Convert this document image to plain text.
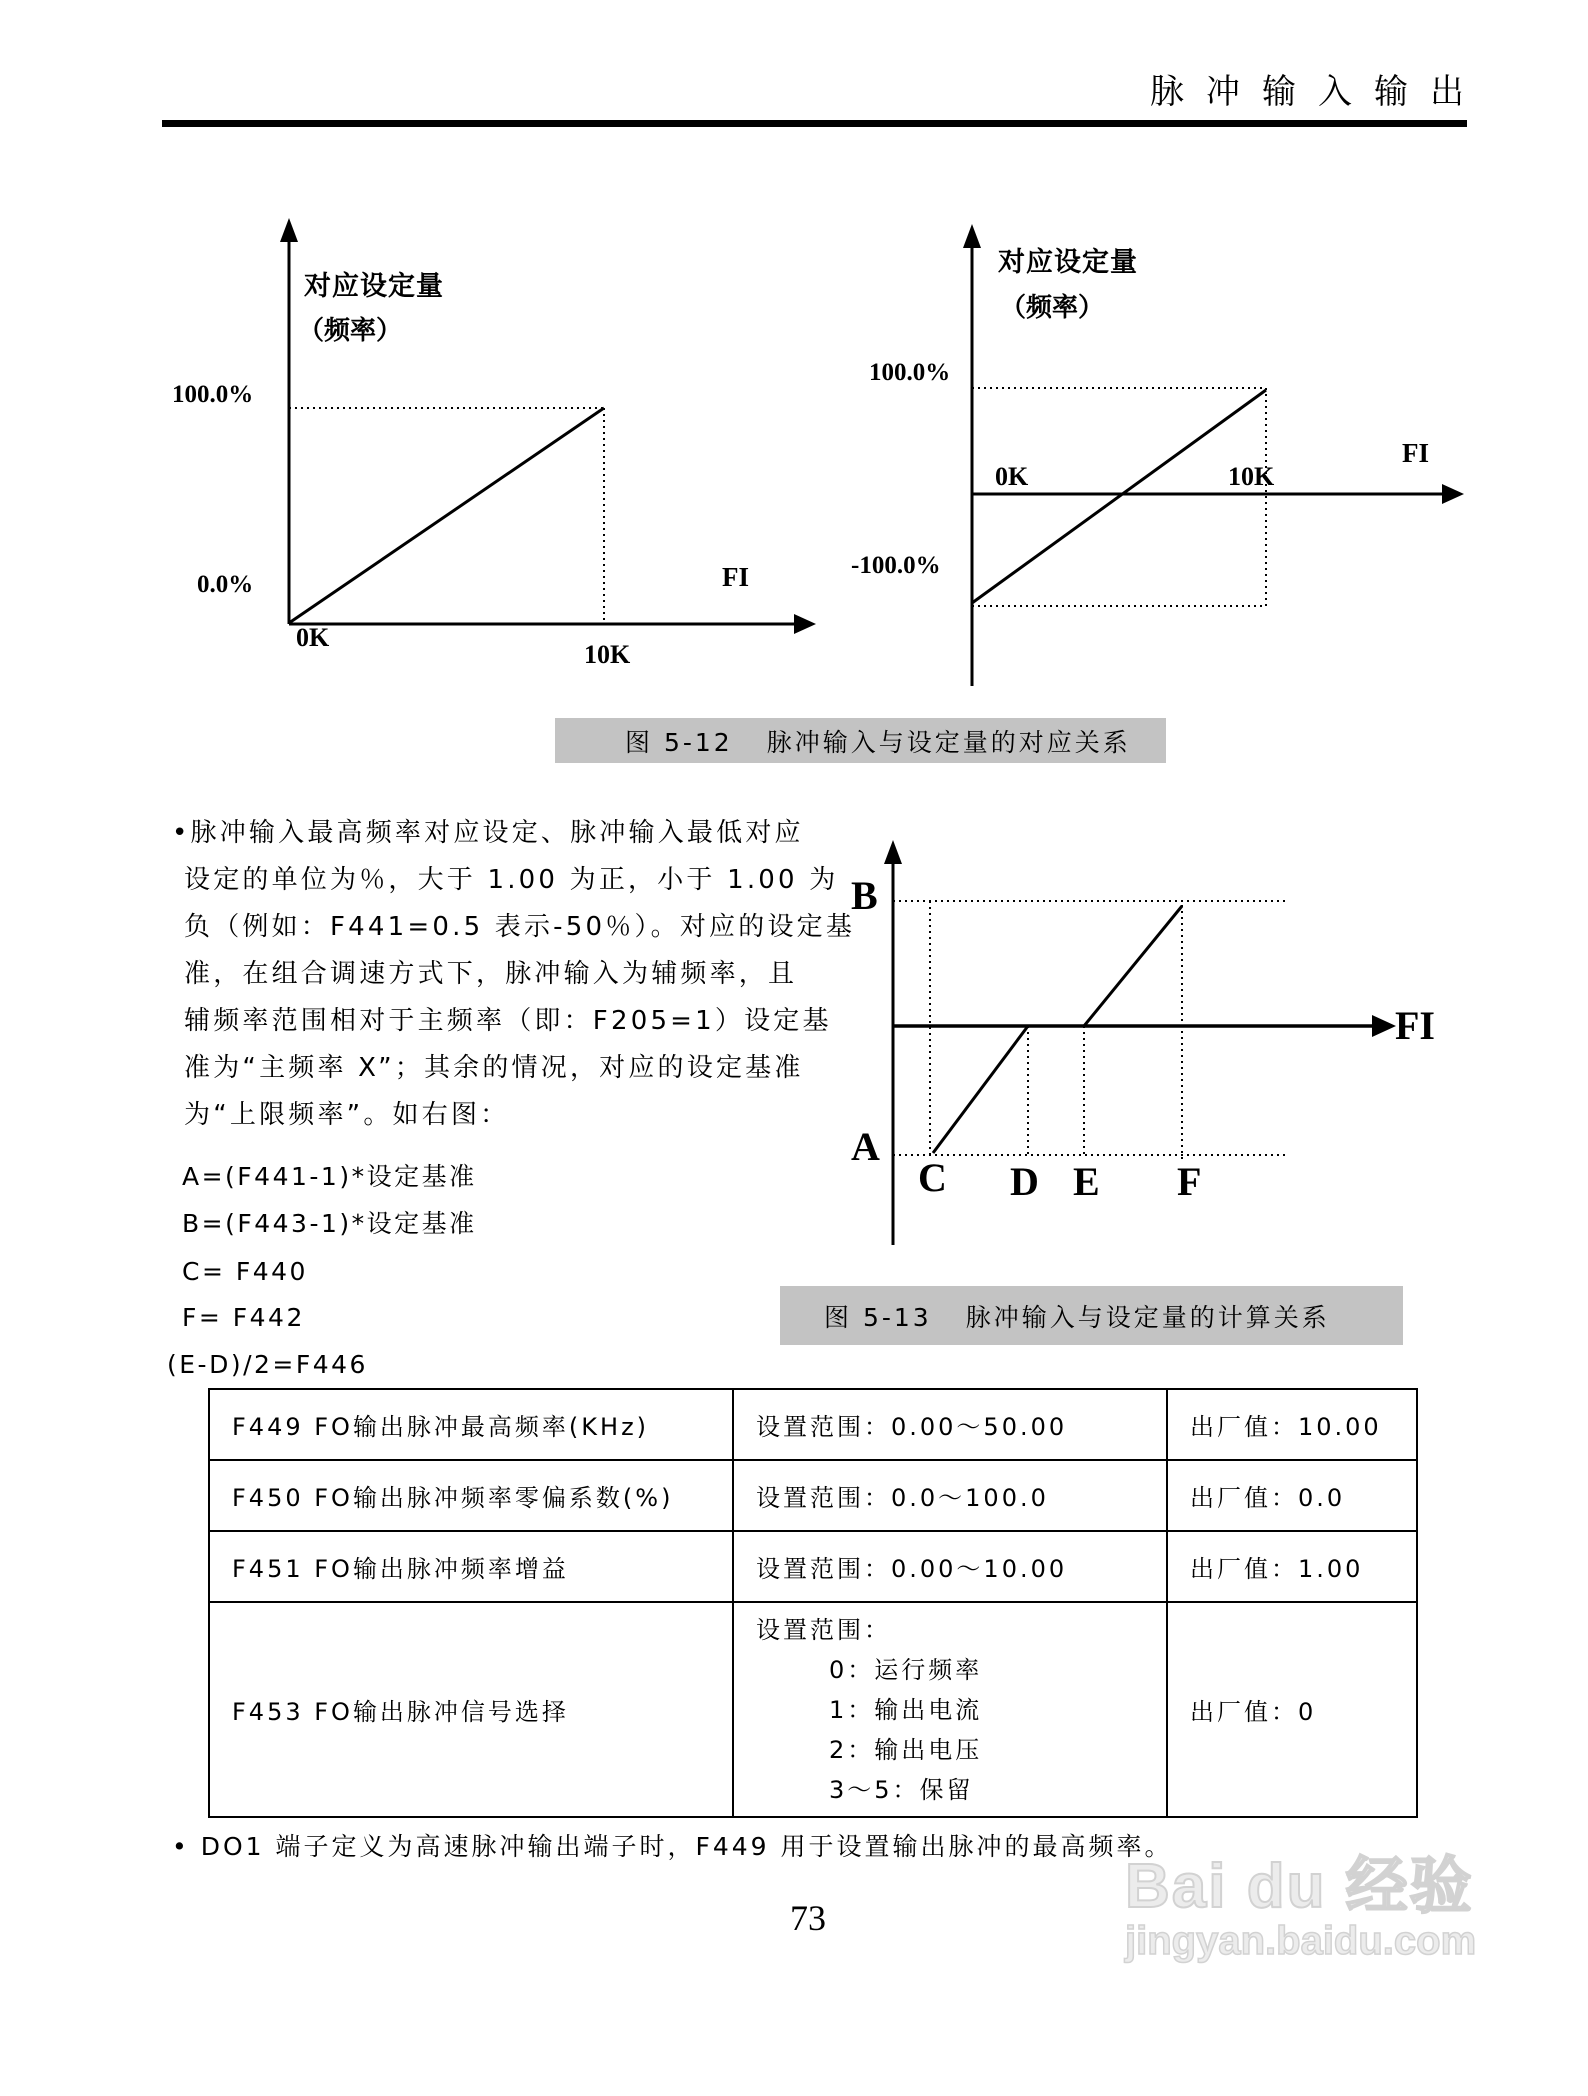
脉冲输入输出
对应设定量
（频率）
100.0%
0.0%
0K
10K
FI
对应设定量
（频率）
100.0%
-100.0%
0K	10K
FI
图 5-12 脉冲输入与设定量的对应关系
•脉冲输入最高频率对应设定、脉冲输入最低对应
设定的单位为％，大于 1.00 为正，小于 1.00 为
负（例如：F441=0.5 表示-50％）。对应的设定基
准，在组合调速方式下，脉冲输入为辅频率，且
辅频率范围相对于主频率（即：F205=1）设定基
准为“主频率 X”；其余的情况，对应的设定基准
为“上限频率”。如右图：
A=(F441-1)*设定基准
B=(F443-1)*设定基准
C= F440
F= F442
(E-D)/2=F446
B
A
C D E F
FI
图 5-13 脉冲输入与设定量的计算关系
F449 FO输出脉冲最高频率(KHz)	设置范围：0.00～50.00	出厂值：10.00
F450 FO输出脉冲频率零偏系数(%)	设置范围：0.0～100.0	出厂值：0.0
F451 FO输出脉冲频率增益	设置范围：0.00～10.00	出厂值：1.00
F453 FO输出脉冲信号选择	设置范围：
0：运行频率
1：输出电流
2：输出电压
3～5：保留	出厂值：0
• DO1 端子定义为高速脉冲输出端子时，F449 用于设置输出脉冲的最高频率。
73	Bai du 经验
jingyan.baidu.com
